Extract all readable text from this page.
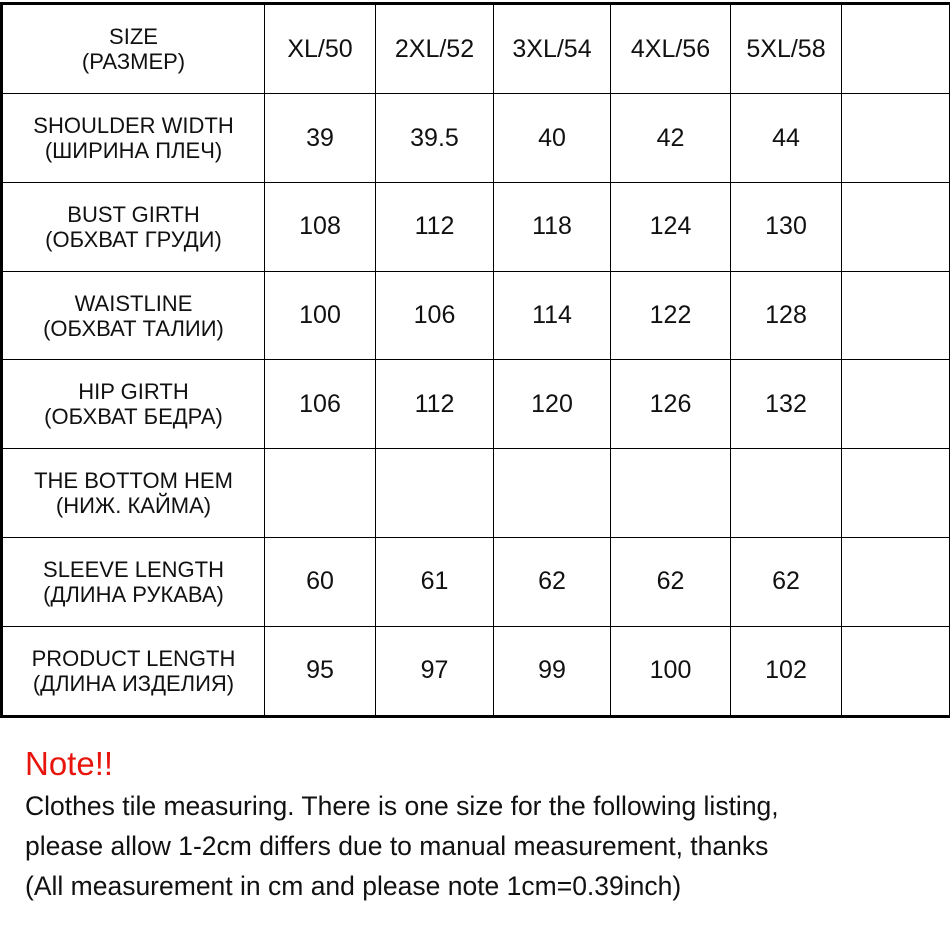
SIZE
(РАЗМЕР)	XL/50	2XL/52	3XL/54	4XL/56	5XL/58	

SHOULDER WIDTH
(ШИРИНА ПЛЕЧ)	39	39.5	40	42	44	

BUST GIRTH
(ОБХВАТ ГРУДИ)	108	112	118	124	130	

WAISTLINE
(ОБХВАТ ТАЛИИ)	100	106	114	122	128	

HIP GIRTH
(ОБХВАТ БЕДРА)	106	112	120	126	132	

THE BOTTOM HEM
(НИЖ. КАЙМА)						

SLEEVE LENGTH
(ДЛИНА РУКАВА)	60	61	62	62	62	

PRODUCT LENGTH
(ДЛИНА ИЗДЕЛИЯ)	95	97	99	100	102	
Note!!
Clothes tile measuring. There is one size for the following listing,
please allow 1-2cm differs due to manual measurement, thanks
(All measurement in cm and please note 1cm=0.39inch)
